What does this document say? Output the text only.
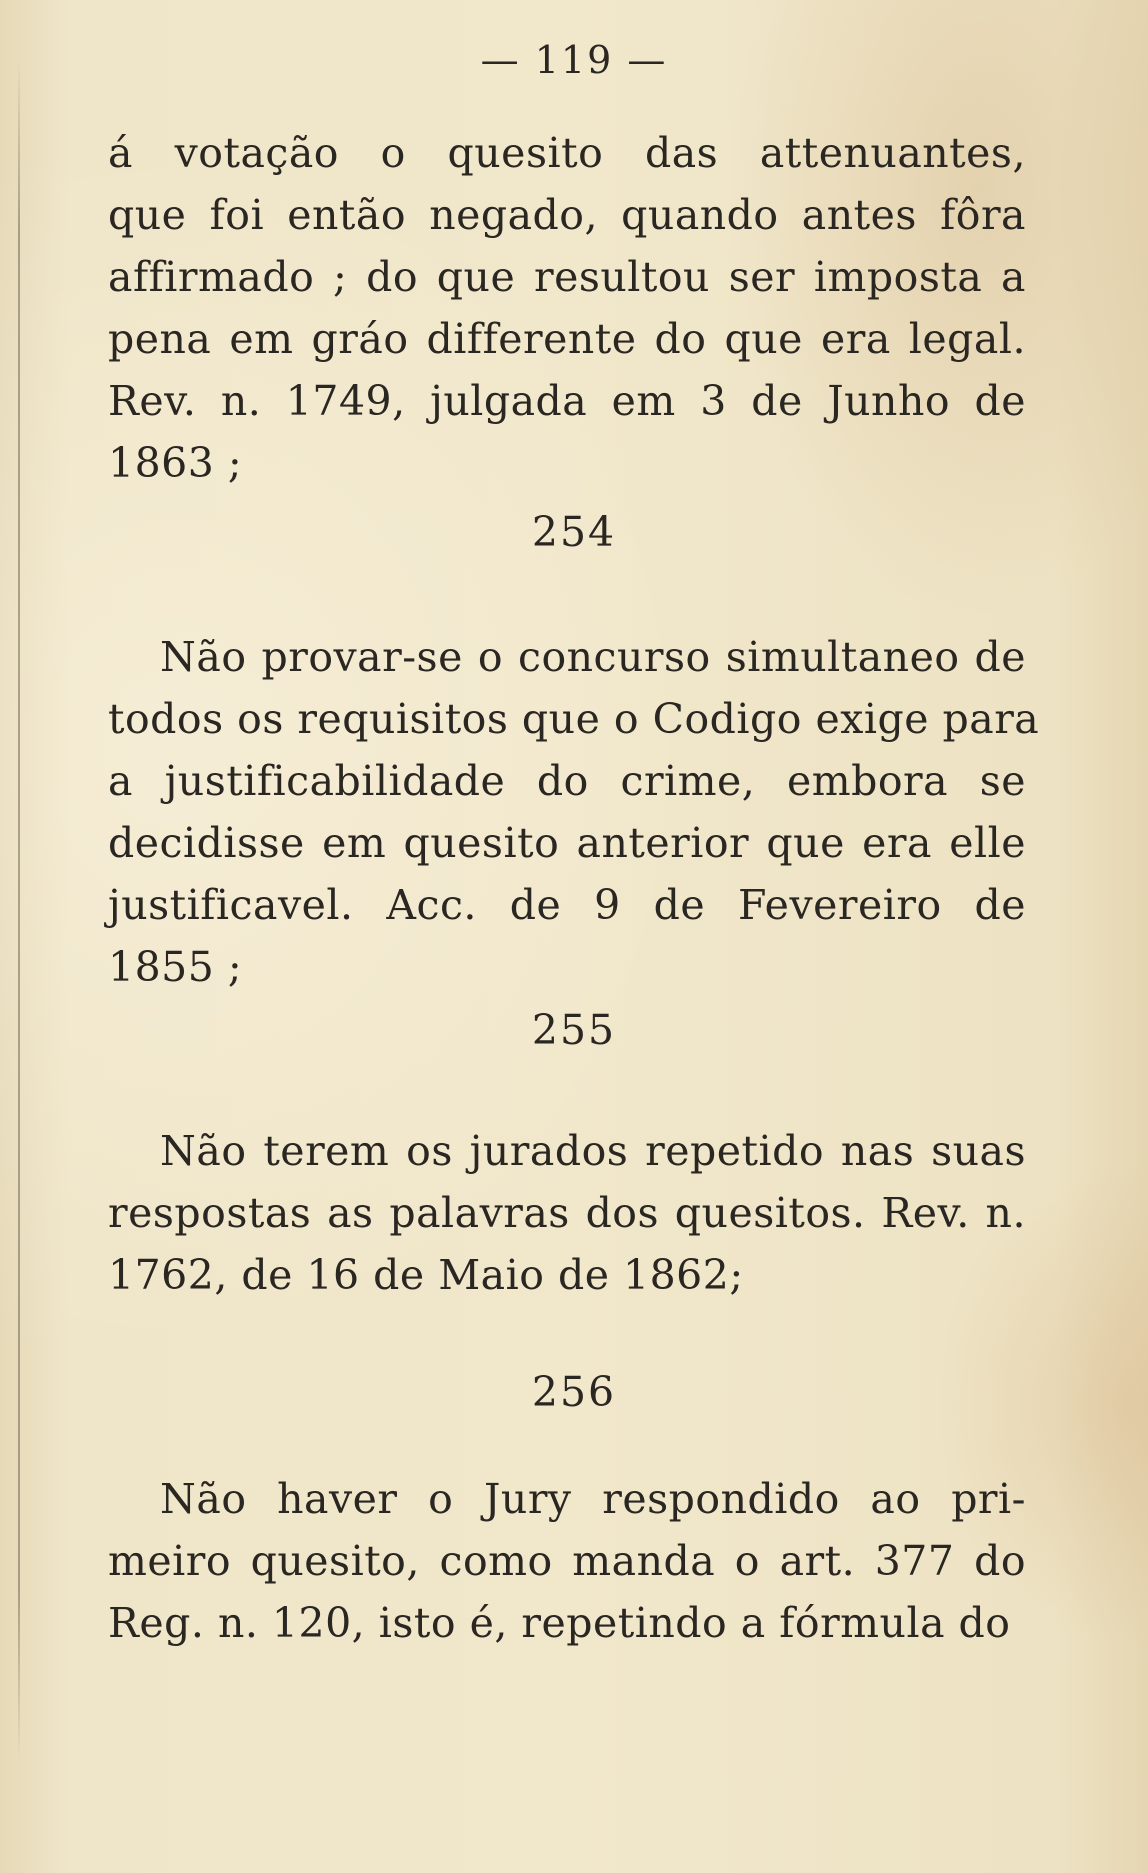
— 119 —
á votação o quesito das attenuantes,
que foi então negado, quando antes fôra
affirmado ; do que resultou ser imposta a
pena em gráo differente do que era legal.
Rev. n. 1749, julgada em 3 de Junho de
1863 ;
254
Não provar-se o concurso simultaneo de
todos os requisitos que o Codigo exige para
a justificabilidade do crime, embora se
decidisse em quesito anterior que era elle
justificavel. Acc. de 9 de Fevereiro de
1855 ;
255
Não terem os jurados repetido nas suas
respostas as palavras dos quesitos. Rev. n.
1762, de 16 de Maio de 1862;
256
Não haver o Jury respondido ao pri-
meiro quesito, como manda o art. 377 do
Reg. n. 120, isto é, repetindo a fórmula do
